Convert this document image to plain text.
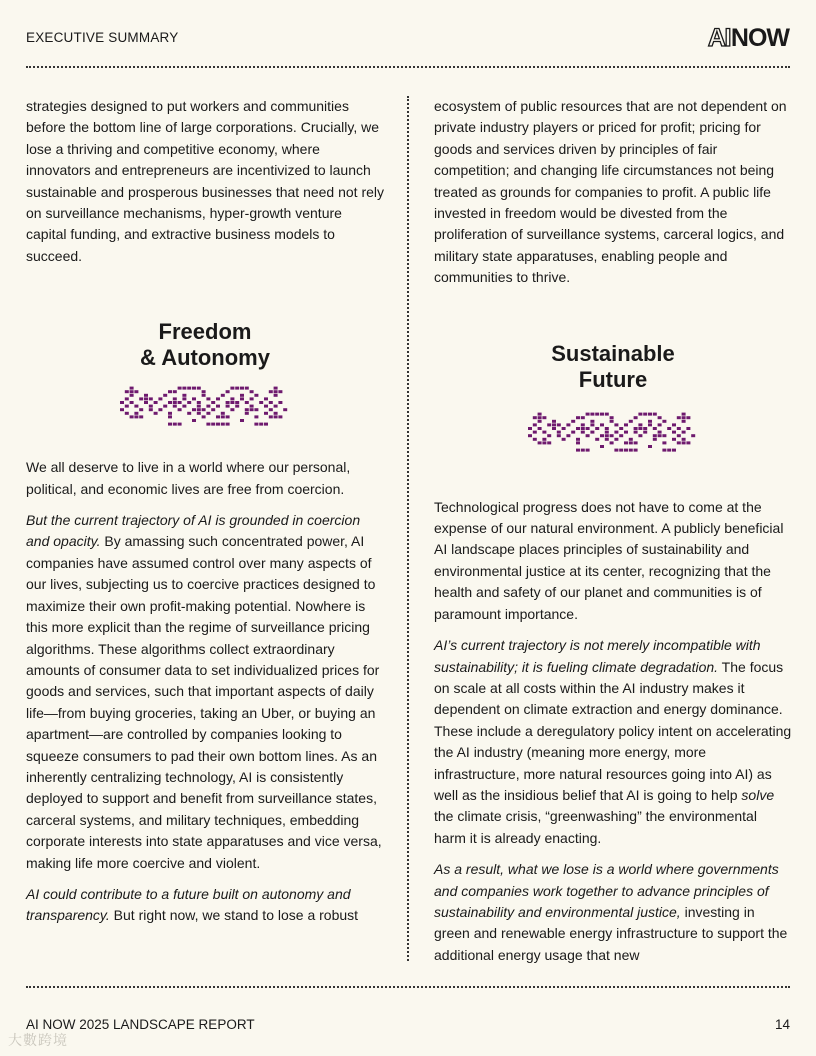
EXECUTIVE SUMMARY	AINOW

strategies designed to put workers and communities before the bottom line of large corporations. Crucially, we lose a thriving and competitive economy, where innovators and entrepreneurs are incentivized to launch sustainable and prosperous businesses that need not rely on surveillance mechanisms, hyper-growth venture capital funding, and extractive business models to succeed.

Freedom
& Autonomy

We all deserve to live in a world where our personal, political, and economic lives are free from coercion.

But the current trajectory of AI is grounded in coercion and opacity. By amassing such concentrated power, AI companies have assumed control over many aspects of our lives, subjecting us to coercive practices designed to maximize their own profit-making potential. Nowhere is this more explicit than the regime of surveillance pricing algorithms. These algorithms collect extraordinary amounts of consumer data to set individualized prices for goods and services, such that important aspects of daily life—from buying groceries, taking an Uber, or buying an apartment—are controlled by companies looking to squeeze consumers to pad their own bottom lines. As an inherently centralizing technology, AI is consistently deployed to support and benefit from surveillance states, carceral systems, and military techniques, embedding corporate interests into state apparatuses and vice versa, making life more coercive and violent.

AI could contribute to a future built on autonomy and transparency. But right now, we stand to lose a robust

ecosystem of public resources that are not dependent on private industry players or priced for profit; pricing for goods and services driven by principles of fair competition; and changing life circumstances not being treated as grounds for companies to profit. A public life invested in freedom would be divested from the proliferation of surveillance systems, carceral logics, and military state apparatuses, enabling people and communities to thrive.

Sustainable
Future

Technological progress does not have to come at the expense of our natural environment. A publicly beneficial AI landscape places principles of sustainability and environmental justice at its center, recognizing that the health and safety of our planet and communities is of paramount importance.

AI’s current trajectory is not merely incompatible with sustainability; it is fueling climate degradation. The focus on scale at all costs within the AI industry makes it dependent on climate extraction and energy dominance. These include a deregulatory policy intent on accelerating the AI industry (meaning more energy, more infrastructure, more natural resources going into AI) as well as the insidious belief that AI is going to help solve the climate crisis, “greenwashing” the environmental harm it is already enacting.

As a result, what we lose is a world where governments and companies work together to advance principles of sustainability and environmental justice, investing in green and renewable energy infrastructure to support the additional energy usage that new

AI NOW 2025 LANDSCAPE REPORT	14
大數跨境
